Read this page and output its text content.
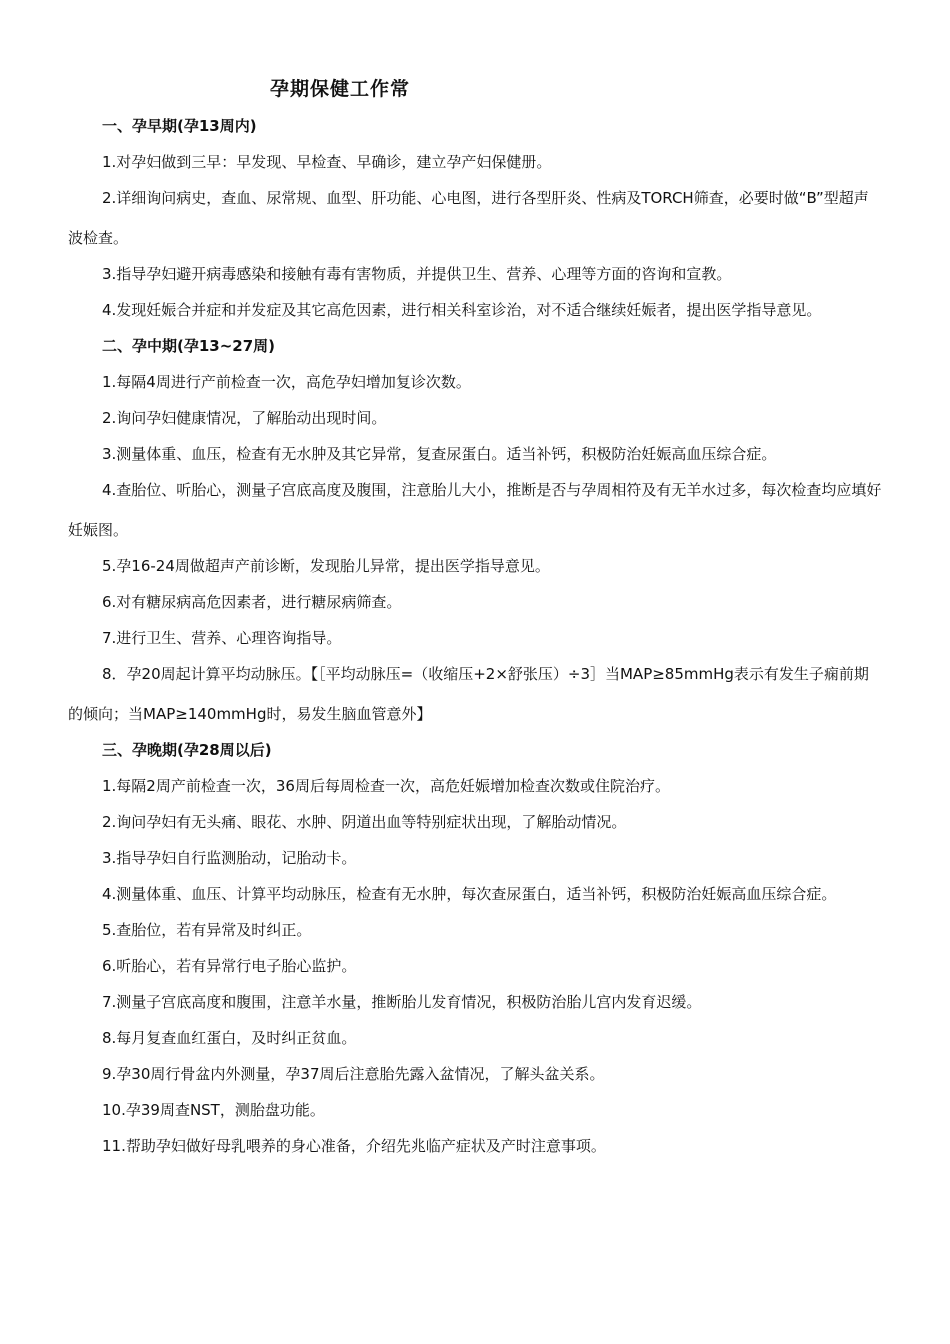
孕期保健工作常
一、孕早期(孕13周内)
1.对孕妇做到三早：早发现、早检查、早确诊，建立孕产妇保健册。
2.详细询问病史，查血、尿常规、血型、肝功能、心电图，进行各型肝炎、性病及TORCH筛查，必要时做“B”型超声波检查。
3.指导孕妇避开病毒感染和接触有毒有害物质，并提供卫生、营养、心理等方面的咨询和宣教。
4.发现妊娠合并症和并发症及其它高危因素，进行相关科室诊治，对不适合继续妊娠者，提出医学指导意见。
二、孕中期(孕13~27周)
1.每隔4周进行产前检查一次，高危孕妇增加复诊次数。
2.询问孕妇健康情况，了解胎动出现时间。
3.测量体重、血压，检查有无水肿及其它异常，复查尿蛋白。适当补钙，积极防治妊娠高血压综合症。
4.查胎位、听胎心，测量子宫底高度及腹围，注意胎儿大小，推断是否与孕周相符及有无羊水过多，每次检查均应填好妊娠图。
5.孕16-24周做超声产前诊断，发现胎儿异常，提出医学指导意见。
6.对有糖尿病高危因素者，进行糖尿病筛查。
7.进行卫生、营养、心理咨询指导。
8．孕20周起计算平均动脉压。【［平均动脉压=（收缩压+2×舒张压）÷3］当MAP≥85mmHg表示有发生子痫前期的倾向；当MAP≥140mmHg时，易发生脑血管意外】
三、孕晚期(孕28周以后)
1.每隔2周产前检查一次，36周后每周检查一次，高危妊娠增加检查次数或住院治疗。
2.询问孕妇有无头痛、眼花、水肿、阴道出血等特别症状出现，了解胎动情况。
3.指导孕妇自行监测胎动，记胎动卡。
4.测量体重、血压、计算平均动脉压，检查有无水肿，每次查尿蛋白，适当补钙，积极防治妊娠高血压综合症。
5.查胎位，若有异常及时纠正。
6.听胎心，若有异常行电子胎心监护。
7.测量子宫底高度和腹围，注意羊水量，推断胎儿发育情况，积极防治胎儿宫内发育迟缓。
8.每月复查血红蛋白，及时纠正贫血。
9.孕30周行骨盆内外测量，孕37周后注意胎先露入盆情况，了解头盆关系。
10.孕39周查NST，测胎盘功能。
11.帮助孕妇做好母乳喂养的身心准备，介绍先兆临产症状及产时注意事项。
